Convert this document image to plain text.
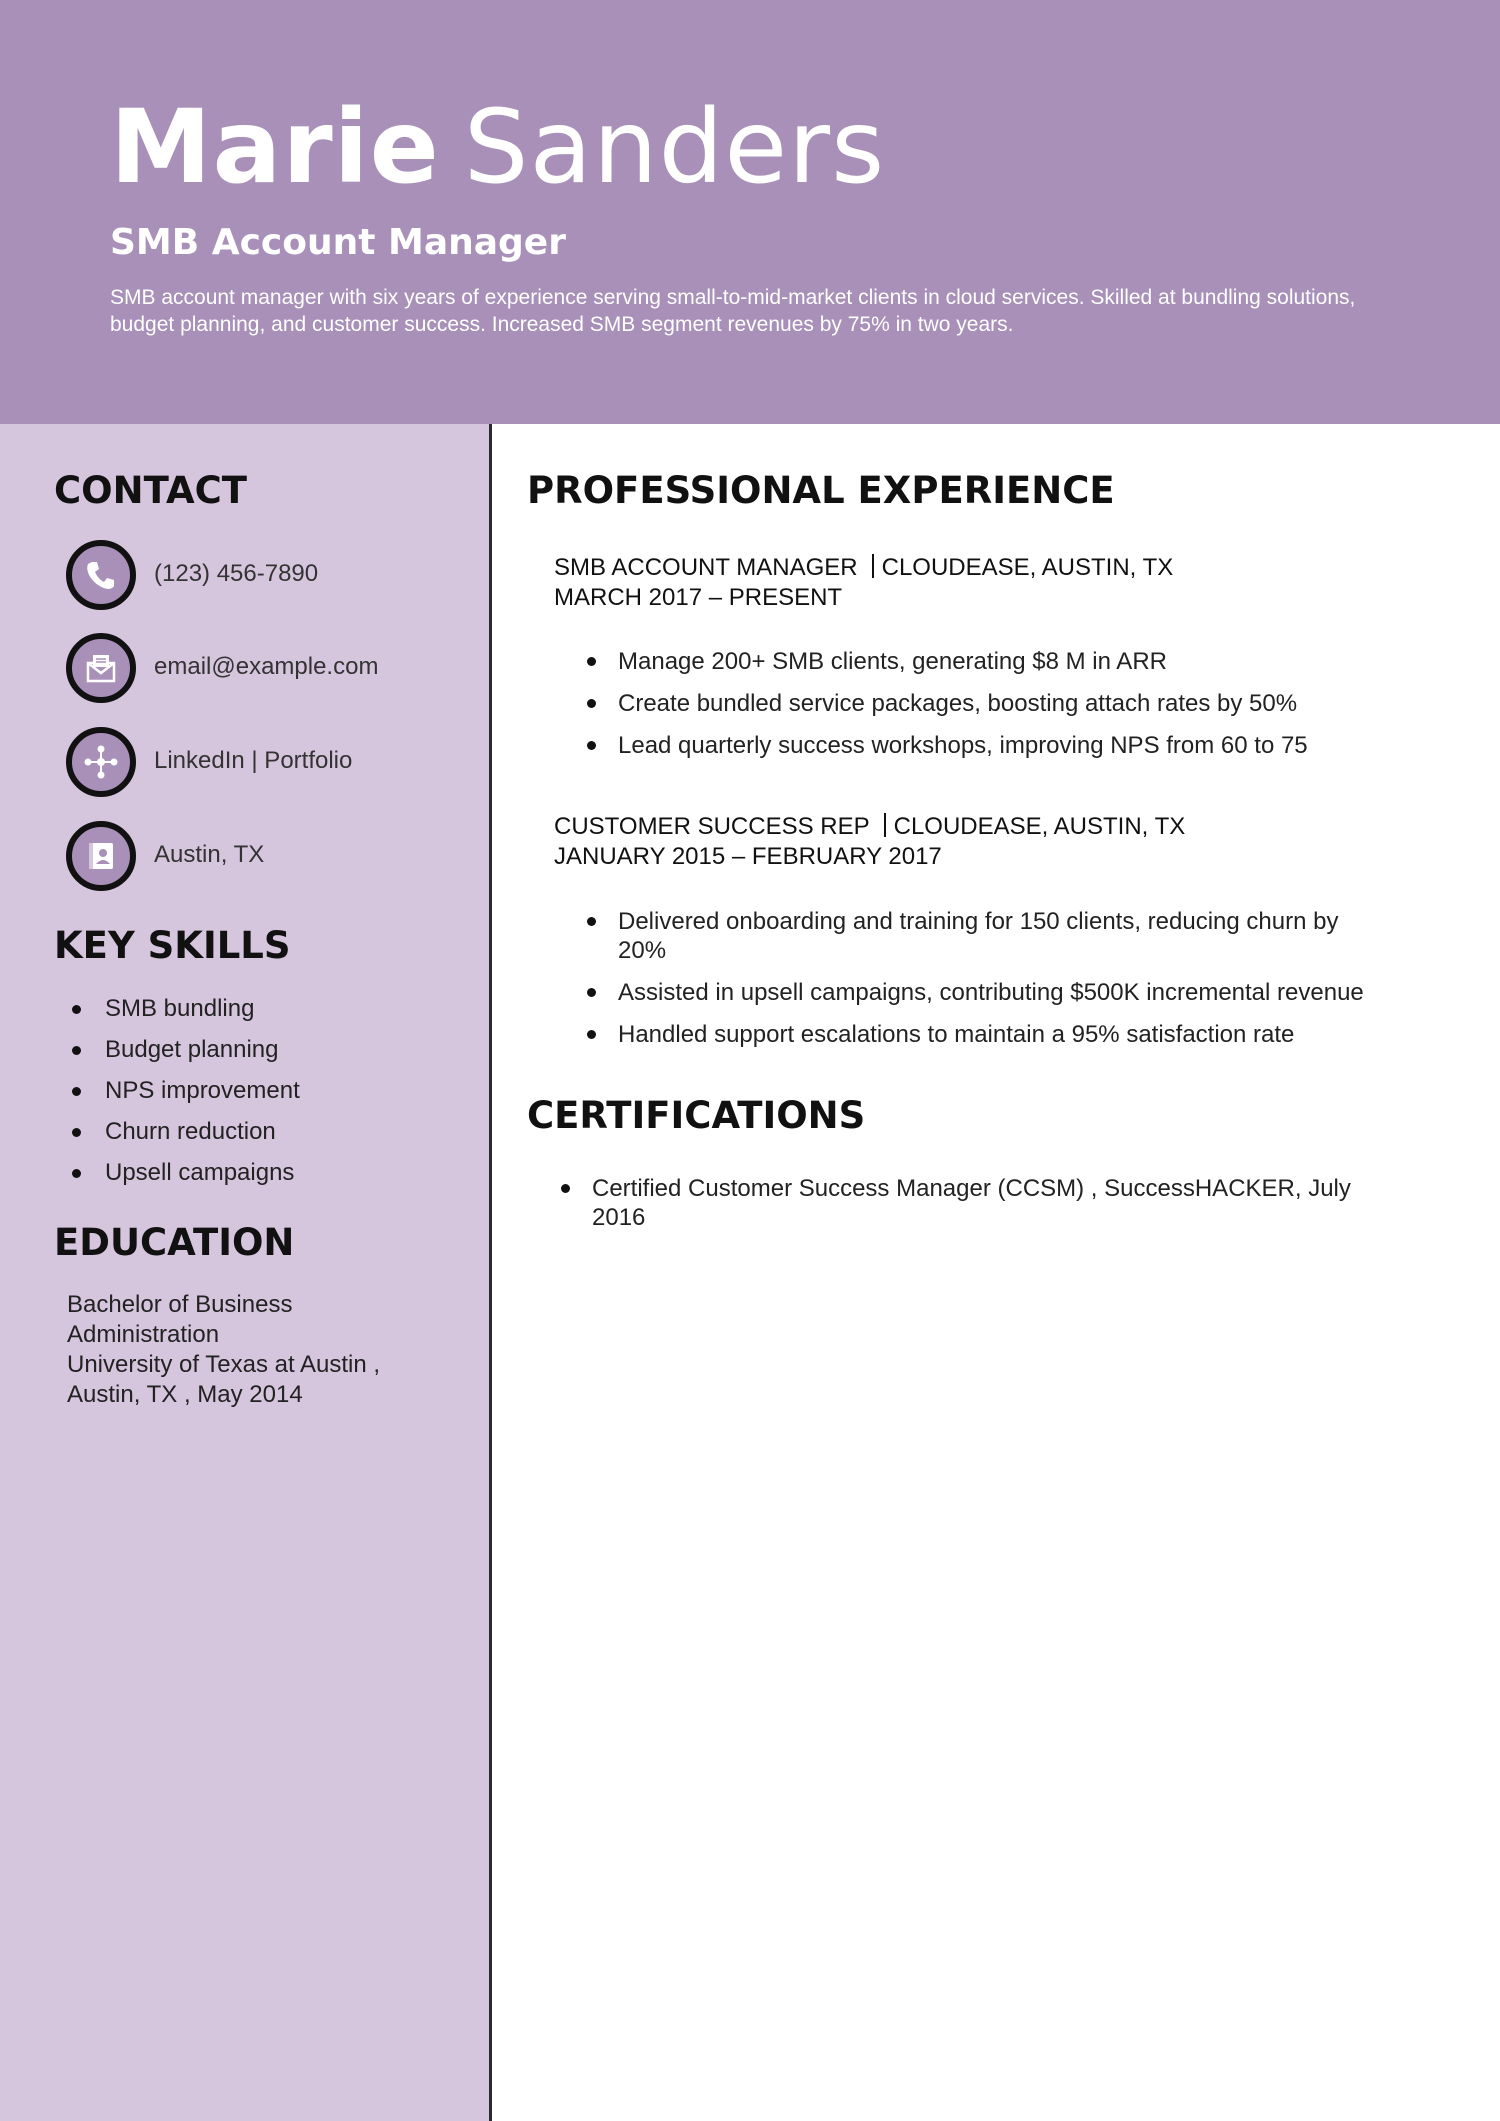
Marie Sanders
SMB Account Manager

SMB account manager with six years of experience serving small-to-mid-market clients in cloud services. Skilled at bundling solutions, budget planning, and customer success. Increased SMB segment revenues by 75% in two years.

CONTACT
(123) 456-7890
email@example.com
LinkedIn | Portfolio
Austin, TX
KEY SKILLS
SMB bundling
Budget planning
NPS improvement
Churn reduction
Upsell campaigns
EDUCATION
Bachelor of Business
Administration
University of Texas at Austin ,
Austin, TX , May 2014
PROFESSIONAL EXPERIENCE
SMB ACCOUNT MANAGER CLOUDEASE, AUSTIN, TX
MARCH 2017 – PRESENT
Manage 200+ SMB clients, generating $8 M in ARR
Create bundled service packages, boosting attach rates by 50%
Lead quarterly success workshops, improving NPS from 60 to 75
CUSTOMER SUCCESS REP CLOUDEASE, AUSTIN, TX
JANUARY 2015 – FEBRUARY 2017
Delivered onboarding and training for 150 clients, reducing churn by 20%
Assisted in upsell campaigns, contributing $500K incremental revenue
Handled support escalations to maintain a 95% satisfaction rate
CERTIFICATIONS
Certified Customer Success Manager (CCSM) , SuccessHACKER, July 2016
